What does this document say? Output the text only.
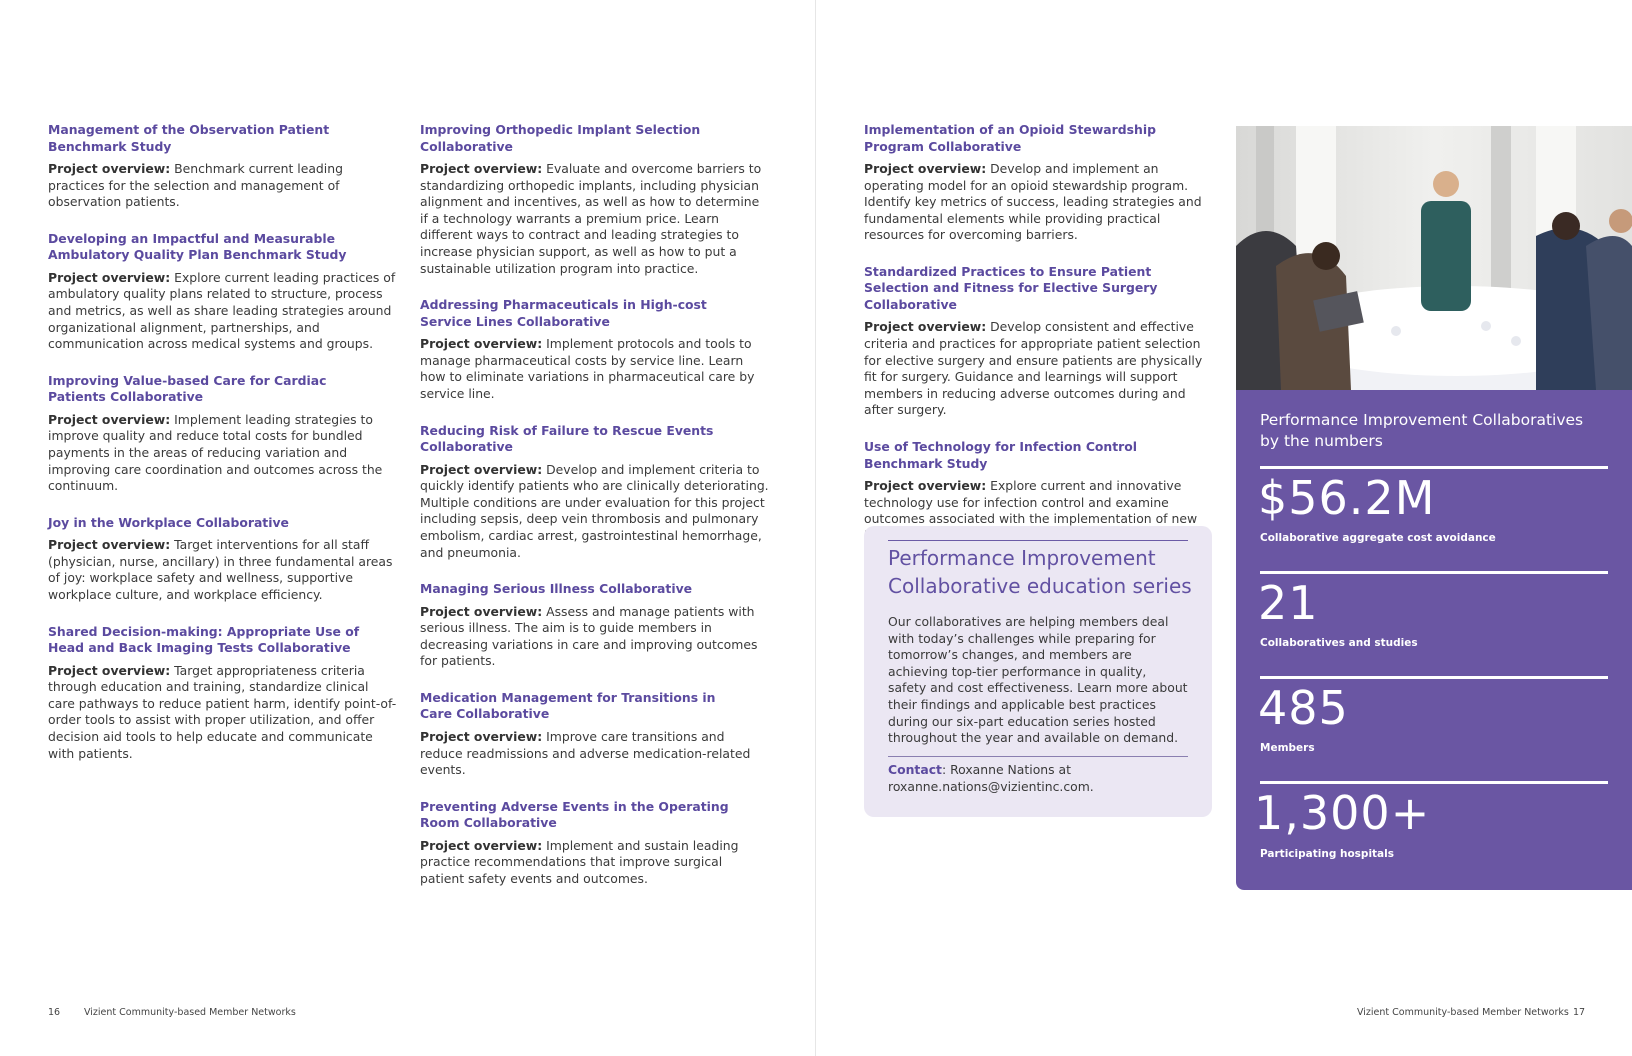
Management of the Observation Patient
Benchmark Study

Project overview: Benchmark current leading practices for the selection and management of observation patients.

Developing an Impactful and Measurable Ambulatory Quality Plan Benchmark Study

Project overview: Explore current leading practices of ambulatory quality plans related to structure, process and metrics, as well as share leading strategies around organizational alignment, partnerships, and communication across medical systems and groups.

Improving Value-based Care for Cardiac
Patients Collaborative

Project overview: Implement leading strategies to improve quality and reduce total costs for bundled payments in the areas of reducing variation and improving care coordination and outcomes across the continuum.

Joy in the Workplace Collaborative

Project overview: Target interventions for all staff (physician, nurse, ancillary) in three fundamental areas of joy: workplace safety and wellness, supportive workplace culture, and workplace efficiency.

Shared Decision-making: Appropriate Use of Head and Back Imaging Tests Collaborative

Project overview: Target appropriateness criteria through education and training, standardize clinical care pathways to reduce patient harm, identify point-of-order tools to assist with proper utilization, and offer decision aid tools to help educate and communicate with patients.

Improving Orthopedic Implant Selection Collaborative

Project overview: Evaluate and overcome barriers to standardizing orthopedic implants, including physician alignment and incentives, as well as how to determine if a technology warrants a premium price. Learn different ways to contract and leading strategies to increase physician support, as well as how to put a sustainable utilization program into practice.

Addressing Pharmaceuticals in High-cost Service Lines Collaborative

Project overview: Implement protocols and tools to manage pharmaceutical costs by service line. Learn how to eliminate variations in pharmaceutical care by service line.

Reducing Risk of Failure to Rescue Events Collaborative

Project overview: Develop and implement criteria to quickly identify patients who are clinically deteriorating. Multiple conditions are under evaluation for this project including sepsis, deep vein thrombosis and pulmonary embolism, cardiac arrest, gastrointestinal hemorrhage, and pneumonia.

Managing Serious Illness Collaborative

Project overview: Assess and manage patients with serious illness. The aim is to guide members in decreasing variations in care and improving outcomes for patients.

Medication Management for Transitions in Care Collaborative

Project overview: Improve care transitions and reduce readmissions and adverse medication-related events.

Preventing Adverse Events in the Operating Room Collaborative

Project overview: Implement and sustain leading practice recommendations that improve surgical patient safety events and outcomes.

Implementation of an Opioid Stewardship Program Collaborative

Project overview: Develop and implement an operating model for an opioid stewardship program. Identify key metrics of success, leading strategies and fundamental elements while providing practical resources for overcoming barriers.

Standardized Practices to Ensure Patient Selection and Fitness for Elective Surgery Collaborative

Project overview: Develop consistent and effective criteria and practices for appropriate patient selection for elective surgery and ensure patients are physically fit for surgery. Guidance and learnings will support members in reducing adverse outcomes during and after surgery.

Use of Technology for Infection Control Benchmark Study

Project overview: Explore current and innovative technology use for infection control and examine outcomes associated with the implementation of new

Performance Improvement Collaborative education series

Our collaboratives are helping members deal with today’s challenges while preparing for tomorrow’s changes, and members are achieving top-tier performance in quality, safety and cost effectiveness. Learn more about their findings and applicable best practices during our six-part education series hosted throughout the year and available on demand.

Contact: Roxanne Nations at roxanne.nations@vizientinc.com.

Performance Improvement Collaboratives by the numbers
$56.2M
Collaborative aggregate cost avoidance
21
Collaboratives and studies
485
Members
1,300+
Participating hospitals
16	Vizient Community-based Member Networks	Vizient Community-based Member Networks 17
